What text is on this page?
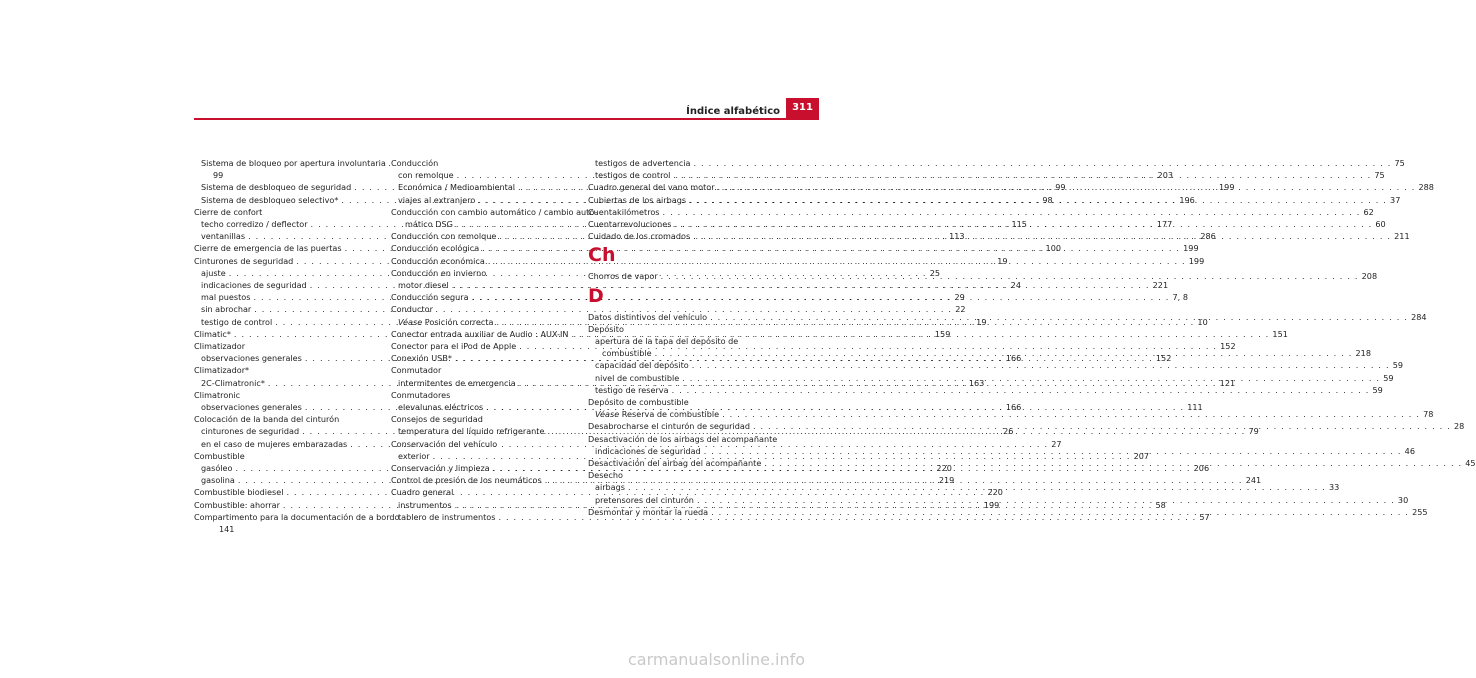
Índice alfabético	311
Sistema de bloqueo por apertura involuntaria .
99
Sistema de desbloqueo de seguridad . . .	99
Sistema de desbloqueo selectivo* . . .	98
Cierre de confort
techo corredizo / deflector . . .	115
ventanillas . . .	113
Cierre de emergencia de las puertas . . .	100
Cinturones de seguridad . . .	19
ajuste . . .	25
indicaciones de seguridad . . .	24
mal puestos . . .	29
sin abrochar . . .	22
testigo de control . . .	19
Climatic* . . .	159
Climatizador
observaciones generales . . .	166
Climatizador*
2C-Climatronic* . . .	163
Climatronic
observaciones generales . . .	166
Colocación de la banda del cinturón
cinturones de seguridad . . .	26
en el caso de mujeres embarazadas . . .	27
Combustible
gasóleo . . .	220
gasolina . . .	219
Combustible biodiesel . . .	220
Combustible: ahorrar . . .	199
Compartimento para la documentación de a bordo
141
Conducción
con remolque . . .	203
Económica / Medioambiental . . .	199
viajes al extranjero . . .	196
Conducción con cambio automático / cambio auto-
mático DSG . . .	177
Conducción con remolque . . .	286
Conducción ecológica . . .	199
Conducción económica . . .	199
Conducción en invierno
motor diesel . . .	221
Conducción segura . . .	7, 8
Conductor
Véase Posición correcta . . .	10
Conector entrada auxiliar de Audio : AUX-IN . . .	151
Conector para el iPod de Apple . . .	152
Conexión USB* . . .	152
Conmutador
intermitentes de emergencia . . .	121
Conmutadores
elevalunas eléctricos . . .	111
Consejos de seguridad
temperatura del líquido refrigerante . . .	79
Conservación del vehículo
exterior . . .	207
Conservación y limpieza . . .	206
Control de presión de los neumáticos . . .	241
Cuadro general
instrumentos . . .	58
tablero de instrumentos . . .	57
testigos de advertencia . . .	75
testigos de control . . .	75
Cuadro general del vano motor . . .	288
Cubiertas de los airbags . . .	37
Cuentakilómetros . . .	62
Cuentarrevoluciones . . .	60
Cuidado de los cromados . . .	211
Ch
Chorros de vapor . . .	208
D
Datos distintivos del vehículo . . .	284
Depósito
apertura de la tapa del depósito de
combustible . . .	218
capacidad del depósito . . .	59
nivel de combustible . . .	59
testigo de reserva . . .	59
Depósito de combustible
Véase Reserva de combustible . . .	78
Desabrocharse el cinturón de seguridad . . .	28
Desactivación de los airbags del acompañante
indicaciones de seguridad . . .	46
Desactivación del airbag del acompañante . . .	45
Desecho
airbags . . .	33
pretensores del cinturón . . .	30
Desmontar y montar la rueda . . .	255
carmanualsonline.info
